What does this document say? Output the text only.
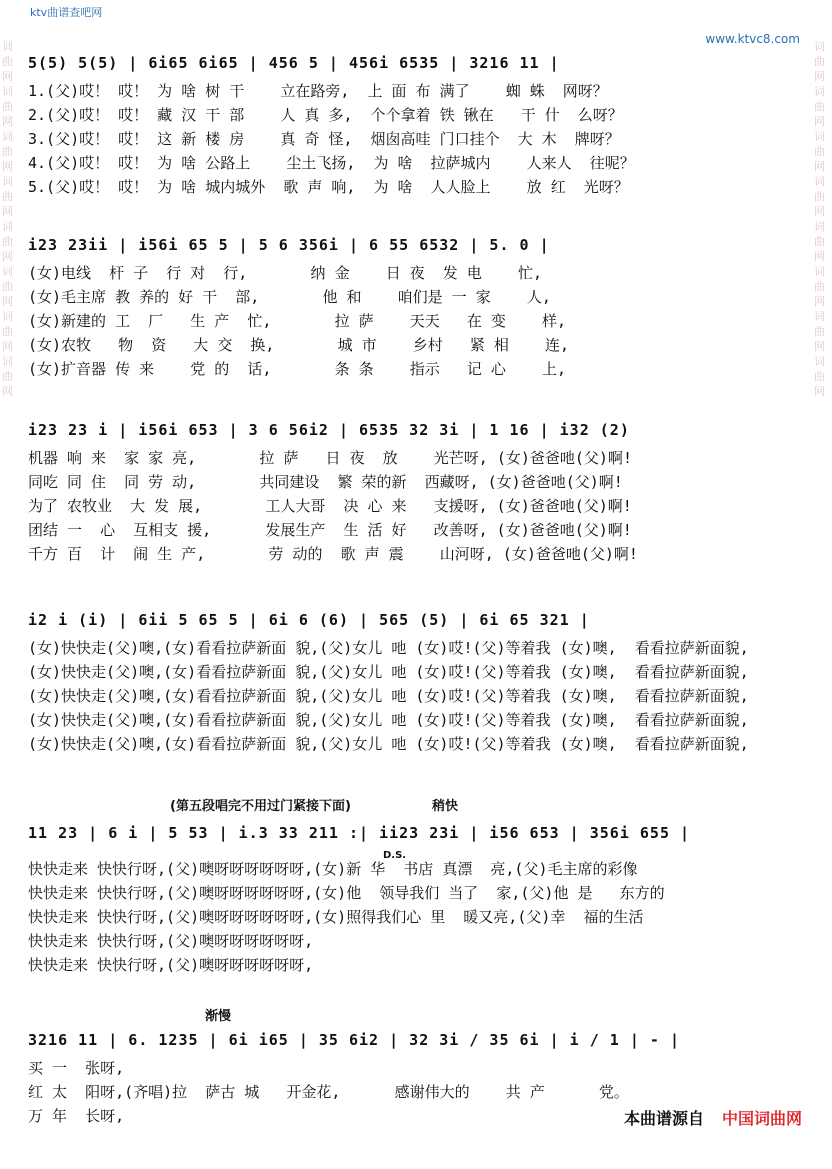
ktv曲谱查吧网
www.ktvc8.com
词
曲
网
词
曲
网
词
曲
网
词
曲
网
词
曲
网
词
曲
网
词
曲
网
词
曲
网
词
曲
网
词
曲
网
词
曲
网
词
曲
网
词
曲
网
词
曲
网
词
曲
网
词
曲
网
5(5) 5(5) | 6i65 6i65 | 456 5 | 456i 6535 | 3216 11 |
1.(父)哎！ 哎！ 为 啥 树 干    立在路旁,  上 面 布 满了    蜘 蛛  网呀？
2.(父)哎！ 哎！ 藏 汉 干 部    人 真 多,  个个拿着 铁 锹在   干 什  么呀？
3.(父)哎！ 哎！ 这 新 楼 房    真 奇 怪,  烟囱高哇 门口挂个  大 木  牌呀？
4.(父)哎！ 哎！ 为 啥 公路上    尘土飞扬,  为 啥  拉萨城内    人来人  往呢？
5.(父)哎！ 哎！ 为 啥 城内城外  歌 声 响,  为 啥  人人脸上    放 红  光呀？
i23 23ii | i56i 65 5 | 5 6 356i | 6 55 6532 | 5. 0 |
(女)电线  杆 子  行 对  行,       纳 金    日 夜  发 电    忙,
(女)毛主席 教 养的 好 干  部,       他 和    咱们是 一 家    人,
(女)新建的 工  厂   生 产  忙,       拉 萨    天天   在 变    样,
(女)农牧   物  资   大 交  换,       城 市    乡村   紧 相    连,
(女)扩音器 传 来    党 的  话,       条 条    指示   记 心    上,
i23 23 i | i56i 653 | 3 6 56i2 | 6535 32 3i | 1 16 | i32 (2)
机器 响 来  家 家 亮,       拉 萨   日 夜  放    光芒呀, (女)爸爸吔(父)啊!
同吃 同 住  同 劳 动,       共同建设  繁 荣的新  西藏呀, (女)爸爸吔(父)啊!
为了 农牧业  大 发 展,       工人大哥  决 心 来   支援呀, (女)爸爸吔(父)啊!
团结 一  心  互相支 援,      发展生产  生 活 好   改善呀, (女)爸爸吔(父)啊!
千方 百  计  闹 生 产,       劳 动的  歌 声 震    山河呀, (女)爸爸吔(父)啊!
i2 i (i) | 6ii 5 65 5 | 6i 6 (6) | 565 (5) | 6i 65 321 |
(女)快快走(父)噢,(女)看看拉萨新面 貌,(父)女儿 吔 (女)哎!(父)等着我 (女)噢,  看看拉萨新面貌,
(女)快快走(父)噢,(女)看看拉萨新面 貌,(父)女儿 吔 (女)哎!(父)等着我 (女)噢,  看看拉萨新面貌,
(女)快快走(父)噢,(女)看看拉萨新面 貌,(父)女儿 吔 (女)哎!(父)等着我 (女)噢,  看看拉萨新面貌,
(女)快快走(父)噢,(女)看看拉萨新面 貌,(父)女儿 吔 (女)哎!(父)等着我 (女)噢,  看看拉萨新面貌,
(女)快快走(父)噢,(女)看看拉萨新面 貌,(父)女儿 吔 (女)哎!(父)等着我 (女)噢,  看看拉萨新面貌,
(第五段唱完不用过门紧接下面)	稍快
11 23 | 6 i | 5 53 | i.3 33 211 :| ii23 23i | i56 653 | 356i 655 |
D.S.
快快走来 快快行呀,(父)噢呀呀呀呀呀呀,(女)新 华  书店 真漂  亮,(父)毛主席的彩像
快快走来 快快行呀,(父)噢呀呀呀呀呀呀,(女)他  领导我们 当了  家,(父)他 是   东方的
快快走来 快快行呀,(父)噢呀呀呀呀呀呀,(女)照得我们心 里  暖又亮,(父)幸  福的生活
快快走来 快快行呀,(父)噢呀呀呀呀呀呀,
快快走来 快快行呀,(父)噢呀呀呀呀呀呀,
渐慢
3216 11 | 6. 1235 | 6i i65 | 35 6i2 | 32 3i / 35 6i | i / 1 | - |
买 一  张呀,
红 太  阳呀,(齐唱)拉  萨古 城   开金花,      感谢伟大的    共 产      党。
万 年  长呀,	本曲谱源自 中国词曲网
